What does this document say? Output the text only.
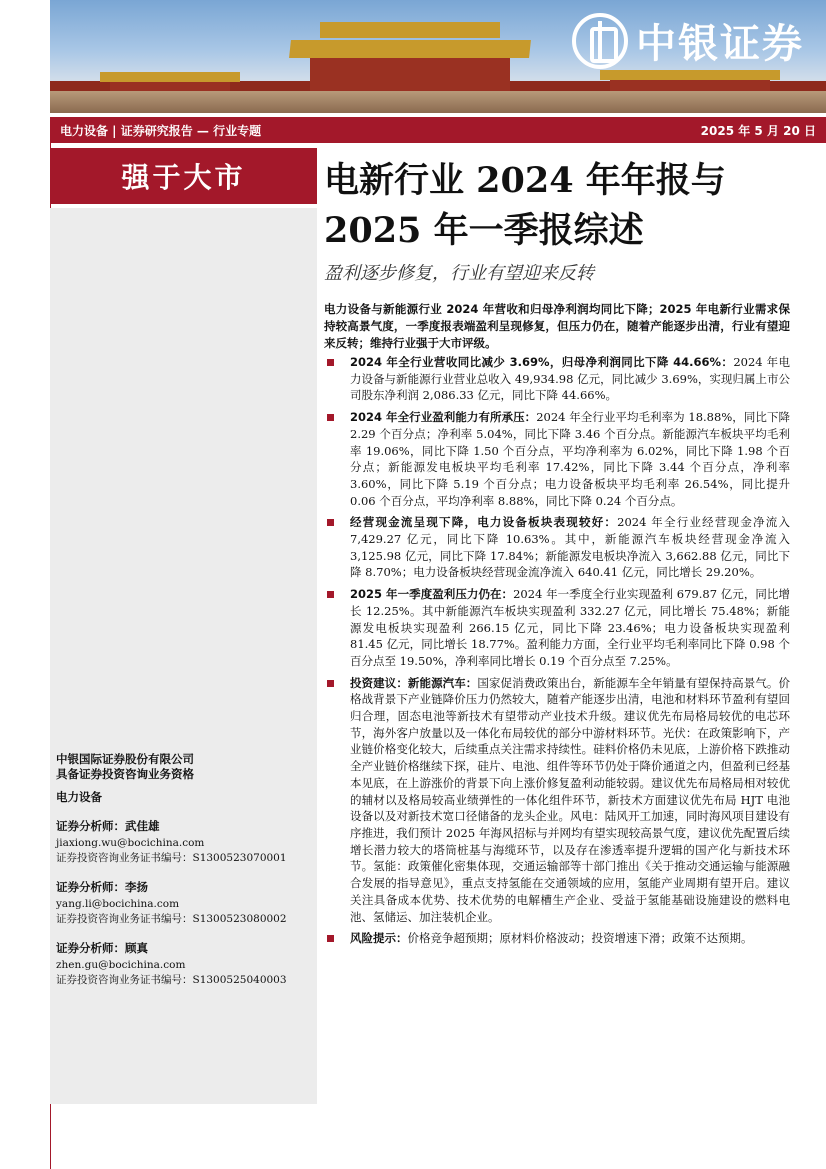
中银证券
电力设备 | 证券研究报告 — 行业专题	2025 年 5 月 20 日
强于大市
中银国际证券股份有限公司
具备证券投资咨询业务资格
电力设备
证券分析师：武佳雄
jiaxiong.wu@bocichina.com
证券投资咨询业务证书编号：S1300523070001
证券分析师：李扬
yang.li@bocichina.com
证券投资咨询业务证书编号：S1300523080002
证券分析师：顾真
zhen.gu@bocichina.com
证券投资咨询业务证书编号：S1300525040003
电新行业 2024 年年报与
2025 年一季报综述
盈利逐步修复，行业有望迎来反转
电力设备与新能源行业 2024 年营收和归母净利润均同比下降；2025 年电新行业需求保持较高景气度，一季度报表端盈利呈现修复，但压力仍在，随着产能逐步出清，行业有望迎来反转；维持行业强于大市评级。
2024 年全行业营收同比减少 3.69%，归母净利润同比下降 44.66%：2024 年电力设备与新能源行业营业总收入 49,934.98 亿元，同比减少 3.69%，实现归属上市公司股东净利润 2,086.33 亿元，同比下降 44.66%。
2024 年全行业盈利能力有所承压：2024 年全行业平均毛利率为 18.88%，同比下降 2.29 个百分点；净利率 5.04%，同比下降 3.46 个百分点。新能源汽车板块平均毛利率 19.06%，同比下降 1.50 个百分点，平均净利率为 6.02%，同比下降 1.98 个百分点；新能源发电板块平均毛利率 17.42%，同比下降 3.44 个百分点，净利率 3.60%，同比下降 5.19 个百分点；电力设备板块平均毛利率 26.54%，同比提升 0.06 个百分点，平均净利率 8.88%，同比下降 0.24 个百分点。
经营现金流呈现下降，电力设备板块表现较好：2024 年全行业经营现金净流入 7,429.27 亿元，同比下降 10.63%。其中，新能源汽车板块经营现金净流入 3,125.98 亿元，同比下降 17.84%；新能源发电板块净流入 3,662.88 亿元，同比下降 8.70%；电力设备板块经营现金流净流入 640.41 亿元，同比增长 29.20%。
2025 年一季度盈利压力仍在：2024 年一季度全行业实现盈利 679.87 亿元，同比增长 12.25%。其中新能源汽车板块实现盈利 332.27 亿元，同比增长 75.48%；新能源发电板块实现盈利 266.15 亿元，同比下降 23.46%；电力设备板块实现盈利 81.45 亿元，同比增长 18.77%。盈利能力方面，全行业平均毛利率同比下降 0.98 个百分点至 19.50%，净利率同比增长 0.19 个百分点至 7.25%。
投资建议：新能源汽车：国家促消费政策出台，新能源车全年销量有望保持高景气。价格战背景下产业链降价压力仍然较大，随着产能逐步出清，电池和材料环节盈利有望回归合理，固态电池等新技术有望带动产业技术升级。建议优先布局格局较优的电芯环节，海外客户放量以及一体化布局较优的部分中游材料环节。光伏：在政策影响下，产业链价格变化较大，后续重点关注需求持续性。硅料价格仍未见底，上游价格下跌推动全产业链价格继续下探，硅片、电池、组件等环节仍处于降价通道之内，但盈利已经基本见底，在上游涨价的背景下向上涨价修复盈利动能较弱。建议优先布局格局相对较优的辅材以及格局较高业绩弹性的一体化组件环节，新技术方面建议优先布局 HJT 电池设备以及对新技术宽口径储备的龙头企业。风电：陆风开工加速，同时海风项目建设有序推进，我们预计 2025 年海风招标与并网均有望实现较高景气度，建议优先配置后续增长潜力较大的塔筒桩基与海缆环节，以及存在渗透率提升逻辑的国产化与新技术环节。氢能：政策催化密集体现，交通运输部等十部门推出《关于推动交通运输与能源融合发展的指导意见》，重点支持氢能在交通领域的应用，氢能产业周期有望开启。建议关注具备成本优势、技术优势的电解槽生产企业、受益于氢能基础设施建设的燃料电池、氢储运、加注装机企业。
风险提示：价格竞争超预期；原材料价格波动；投资增速下滑；政策不达预期。
